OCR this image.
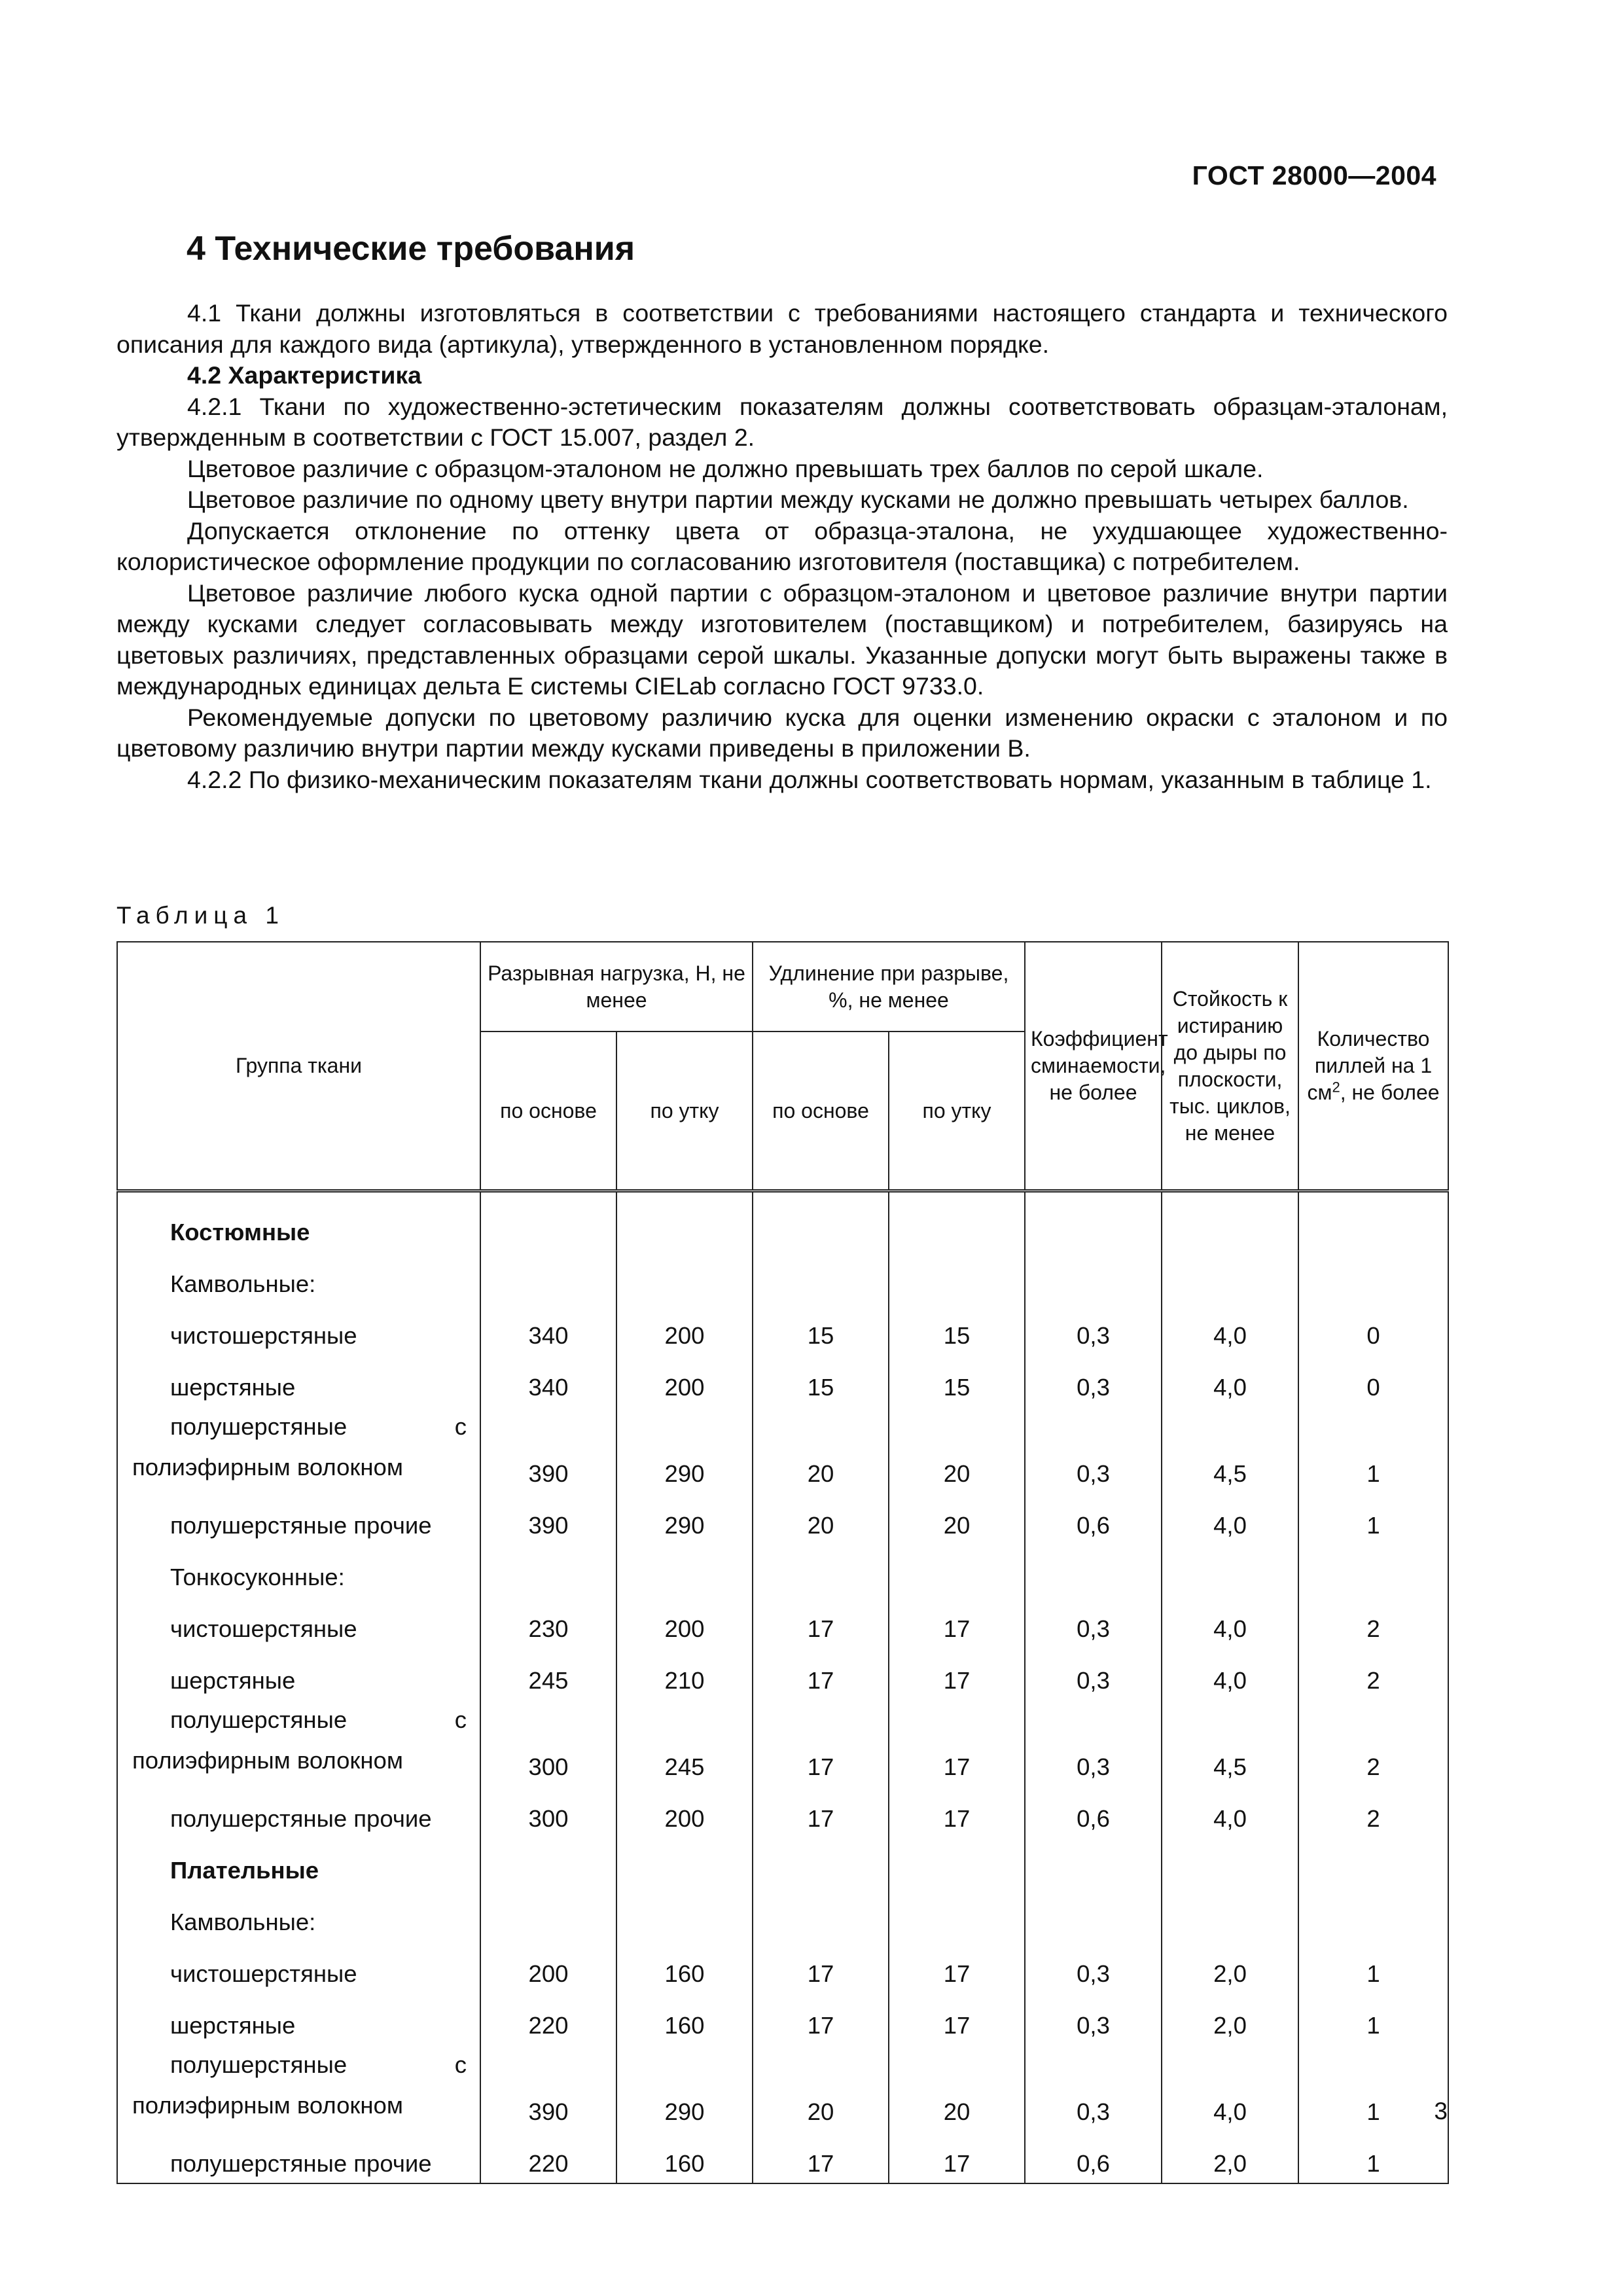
ГОСТ 28000—2004
4 Технические требования

4.1 Ткани должны изготовляться в соответствии с требованиями настоящего стандарта и технического описания для каждого вида (артикула), утвержденного в установленном порядке.

4.2 Характеристика

4.2.1 Ткани по художественно-эстетическим показателям должны соответствовать образцам-эталонам, утвержденным в соответствии с ГОСТ 15.007, раздел 2.

Цветовое различие с образцом-эталоном не должно превышать трех баллов по серой шкале.

Цветовое различие по одному цвету внутри партии между кусками не должно превышать четырех баллов.

Допускается отклонение по оттенку цвета от образца-эталона, не ухудшающее художественно-колористическое оформление продукции по согласованию изготовителя (поставщика) с потребителем.

Цветовое различие любого куска одной партии с образцом-эталоном и цветовое различие внутри партии между кусками следует согласовывать между изготовителем (поставщиком) и потребителем, базируясь на цветовых различиях, представленных образцами серой шкалы. Указанные допуски могут быть выражены также в международных единицах дельта Е системы CIELab согласно ГОСТ 9733.0.

Рекомендуемые допуски по цветовому различию куска для оценки изменению окраски с эталоном и по цветовому различию внутри партии между кусками приведены в приложении В.

4.2.2 По физико-механическим показателям ткани должны соответствовать нормам, указанным в таблице 1.

Таблица 1
Группа ткани	Разрывная нагрузка, Н, не менее		Удлинение при разрыве, %, не менее		Коэффициент сминаемости, не более	Стойкость к истиранию до дыры по плоскости, тыс. циклов, не менее	Количество пиллей на 1 $см^2$, не более
	по основе	по утку	по основе	по утку			
Костюмные							
Камвольные:							
чистошерстяные	340	200	15	15	0,3	4,0	0
шерстяные	340	200	15	15	0,3	4,0	0
полушерстяные с полиэфирным волокном	390	290	20	20	0,3	4,5	1
полушерстяные прочие	390	290	20	20	0,6	4,0	1
Тонкосуконные:							
чистошерстяные	230	200	17	17	0,3	4,0	2
шерстяные	245	210	17	17	0,3	4,0	2
полушерстяные с полиэфирным волокном	300	245	17	17	0,3	4,5	2
полушерстяные прочие	300	200	17	17	0,6	4,0	2
Плательные							
Камвольные:							
чистошерстяные	200	160	17	17	0,3	2,0	1
шерстяные	220	160	17	17	0,3	2,0	1
полушерстяные с полиэфирным волокном	390	290	20	20	0,3	4,0	1
полушерстяные прочие	220	160	17	17	0,6	2,0	1
3
